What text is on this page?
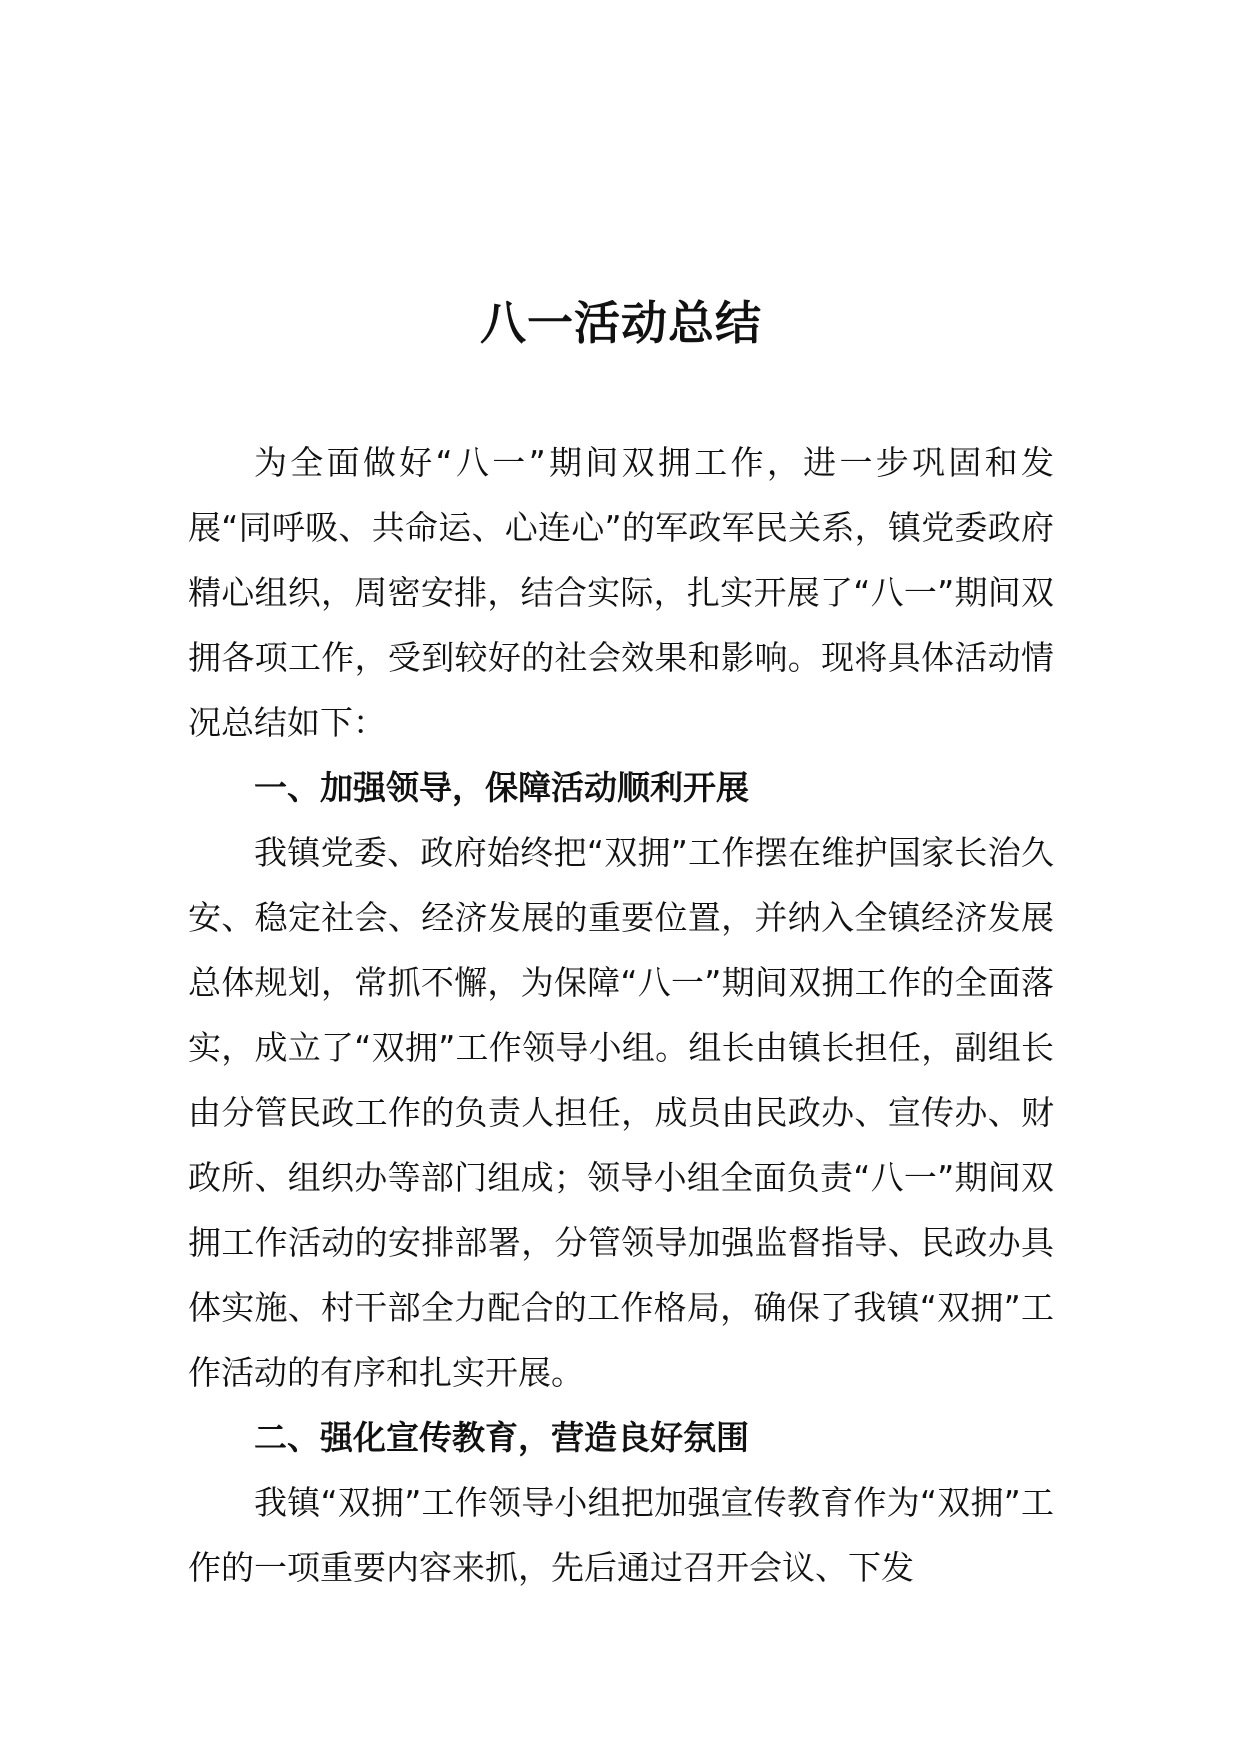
八一活动总结

为全面做好“八一”期间双拥工作，进一步巩固和发展“同呼吸、共命运、心连心”的军政军民关系，镇党委政府精心组织，周密安排，结合实际，扎实开展了“八一”期间双拥各项工作，受到较好的社会效果和影响。现将具体活动情况总结如下：

一、加强领导，保障活动顺利开展

我镇党委、政府始终把“双拥”工作摆在维护国家长治久安、稳定社会、经济发展的重要位置，并纳入全镇经济发展总体规划，常抓不懈，为保障“八一”期间双拥工作的全面落实，成立了“双拥”工作领导小组。组长由镇长担任，副组长由分管民政工作的负责人担任，成员由民政办、宣传办、财政所、组织办等部门组成；领导小组全面负责“八一”期间双拥工作活动的安排部署，分管领导加强监督指导、民政办具体实施、村干部全力配合的工作格局，确保了我镇“双拥”工作活动的有序和扎实开展。

二、强化宣传教育，营造良好氛围

我镇“双拥”工作领导小组把加强宣传教育作为“双拥”工作的一项重要内容来抓，先后通过召开会议、下发
